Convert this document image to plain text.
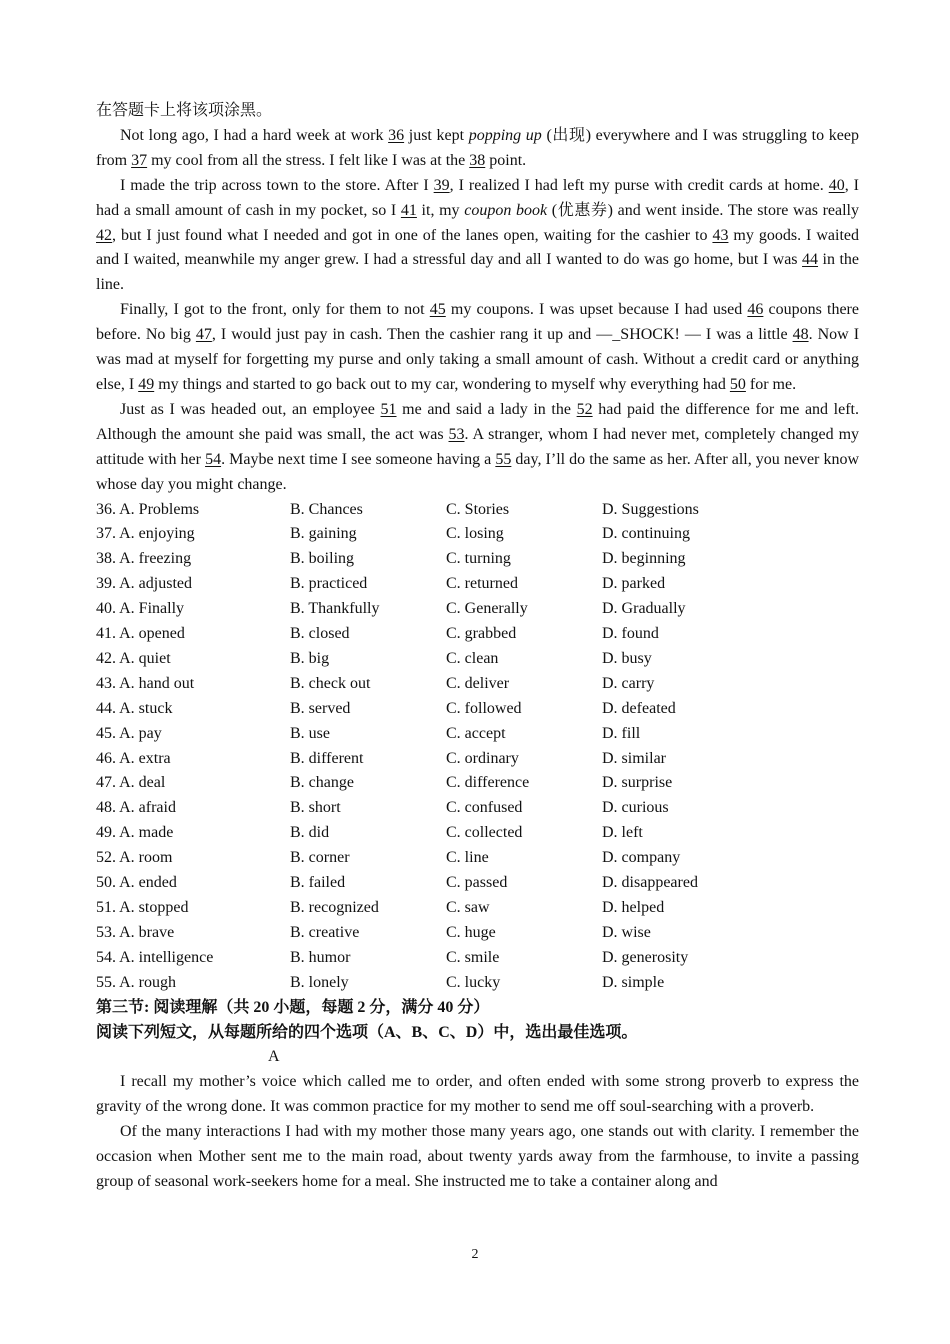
在答题卡上将该项涂黑。

Not long ago, I had a hard week at work 36 just kept popping up (出现) everywhere and I was struggling to keep from 37 my cool from all the stress. I felt like I was at the 38 point.

I made the trip across town to the store. After I 39, I realized I had left my purse with credit cards at home. 40, I had a small amount of cash in my pocket, so I 41 it, my coupon book (优惠券) and went inside. The store was really 42, but I just found what I needed and got in one of the lanes open, waiting for the cashier to 43 my goods. I waited and I waited, meanwhile my anger grew. I had a stressful day and all I wanted to do was go home, but I was 44 in the line.

Finally, I got to the front, only for them to not 45 my coupons. I was upset because I had used 46 coupons there before. No big 47, I would just pay in cash. Then the cashier rang it up and —_SHOCK! — I was a little 48. Now I was mad at myself for forgetting my purse and only taking a small amount of cash. Without a credit card or anything else, I 49 my things and started to go back out to my car, wondering to myself why everything had 50 for me.

Just as I was headed out, an employee 51 me and said a lady in the 52 had paid the difference for me and left. Although the amount she paid was small, the act was 53. A stranger, whom I had never met, completely changed my attitude with her 54. Maybe next time I see someone having a 55 day, I’ll do the same as her. After all, you never know whose day you might change.

36. A. Problems	B. Chances	C. Stories	D. Suggestions
37. A. enjoying	B. gaining	C. losing	D. continuing
38. A. freezing	B. boiling	C. turning	D. beginning
39. A. adjusted	B. practiced	C. returned	D. parked
40. A. Finally	B. Thankfully	C. Generally	D. Gradually
41. A. opened	B. closed	C. grabbed	D. found
42. A. quiet	B. big	C. clean	D. busy
43. A. hand out	B. check out	C. deliver	D. carry
44. A. stuck	B. served	C. followed	D. defeated
45. A. pay	B. use	C. accept	D. fill
46. A. extra	B. different	C. ordinary	D. similar
47. A. deal	B. change	C. difference	D. surprise
48. A. afraid	B. short	C. confused	D. curious
49. A. made	B. did	C. collected	D. left
52. A. room	B. corner	C. line	D. company
50. A. ended	B. failed	C. passed	D. disappeared
51. A. stopped	B. recognized	C. saw	D. helped
53. A. brave	B. creative	C. huge	D. wise
54. A. intelligence	B. humor	C. smile	D. generosity
55. A. rough	B. lonely	C. lucky	D. simple

第三节: 阅读理解（共 20 小题，每题 2 分，满分 40 分）

阅读下列短文，从每题所给的四个选项（A、B、C、D）中，选出最佳选项。

A

I recall my mother’s voice which called me to order, and often ended with some strong proverb to express the gravity of the wrong done. It was common practice for my mother to send me off soul-searching with a proverb.

Of the many interactions I had with my mother those many years ago, one stands out with clarity. I remember the occasion when Mother sent me to the main road, about twenty yards away from the farmhouse, to invite a passing group of seasonal work-seekers home for a meal. She instructed me to take a container along and

2
